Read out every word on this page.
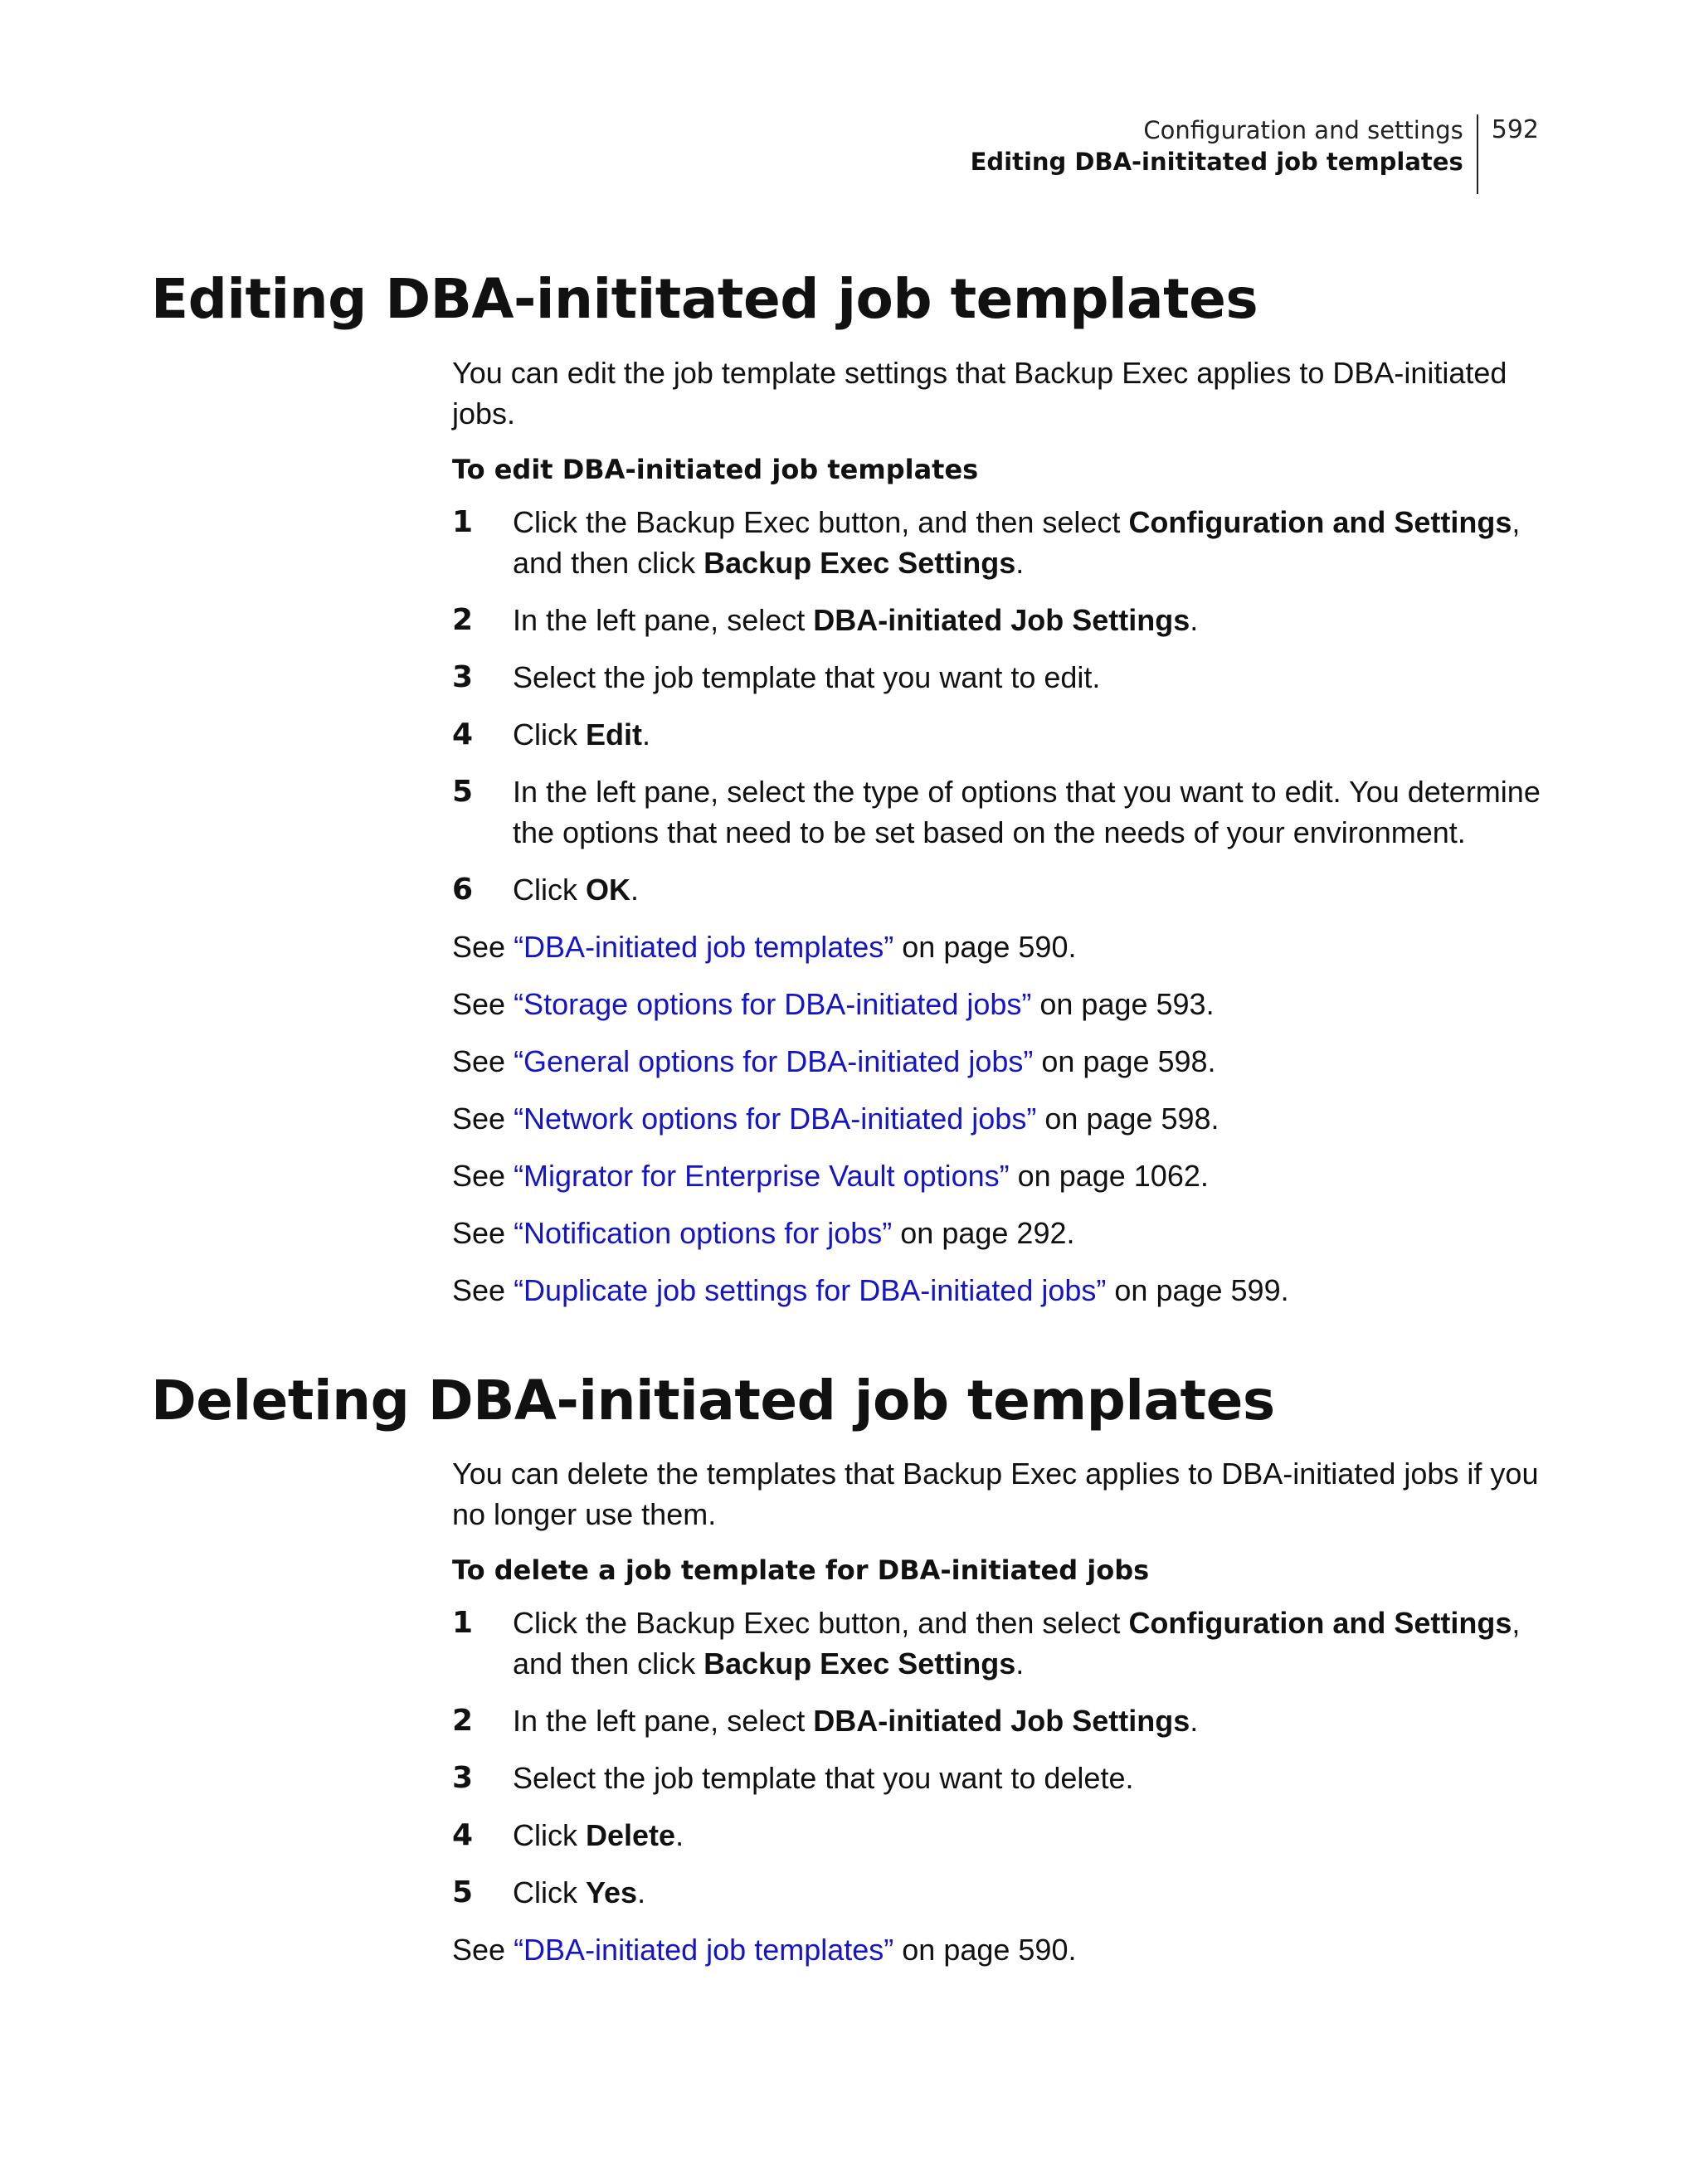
Configuration and settings
Editing DBA-inititated job templates
592
Editing DBA-inititated job templates

You can edit the job template settings that Backup Exec applies to DBA-initiated jobs.

To edit DBA-initiated job templates
1	Click the Backup Exec button, and then select Configuration and Settings, and then click Backup Exec Settings.
2	In the left pane, select DBA-initiated Job Settings.
3	Select the job template that you want to edit.
4	Click Edit.
5	In the left pane, select the type of options that you want to edit. You determine the options that need to be set based on the needs of your environment.
6	Click OK.

See “DBA-initiated job templates” on page 590.

See “Storage options for DBA-initiated jobs” on page 593.

See “General options for DBA-initiated jobs” on page 598.

See “Network options for DBA-initiated jobs” on page 598.

See “Migrator for Enterprise Vault options” on page 1062.

See “Notification options for jobs” on page 292.

See “Duplicate job settings for DBA-initiated jobs” on page 599.

Deleting DBA-initiated job templates

You can delete the templates that Backup Exec applies to DBA-initiated jobs if you no longer use them.

To delete a job template for DBA-initiated jobs
1	Click the Backup Exec button, and then select Configuration and Settings, and then click Backup Exec Settings.
2	In the left pane, select DBA-initiated Job Settings.
3	Select the job template that you want to delete.
4	Click Delete.
5	Click Yes.

See “DBA-initiated job templates” on page 590.
